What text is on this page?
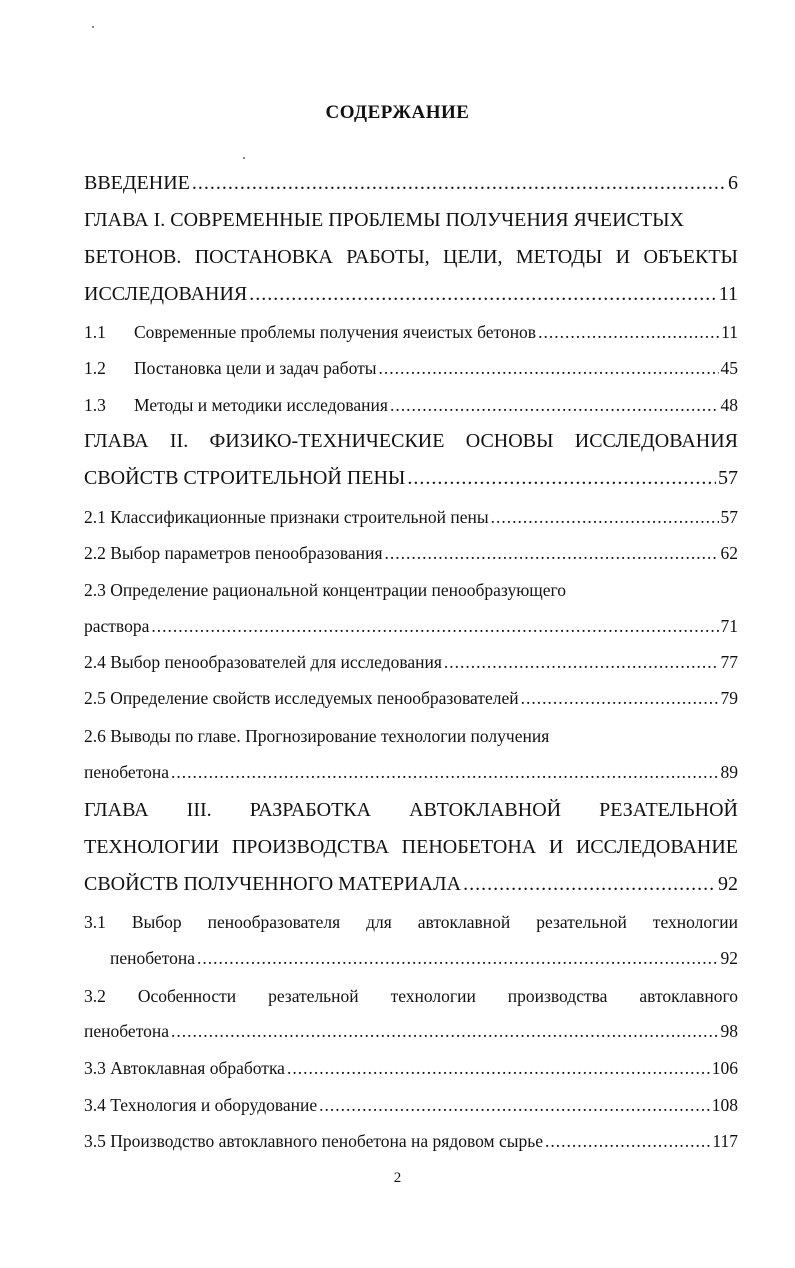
СОДЕРЖАНИЕ
ВВЕДЕНИЕ .....	6
ГЛАВА I. СОВРЕМЕННЫЕ ПРОБЛЕМЫ ПОЛУЧЕНИЯ ЯЧЕИСТЫХ
БЕТОНОВ. ПОСТАНОВКА РАБОТЫ, ЦЕЛИ, МЕТОДЫ И ОБЪЕКТЫ
ИССЛЕДОВАНИЯ .....	11
1.1	Современные проблемы получения ячеистых бетонов .....	11
1.2	Постановка цели и задач работы .....	45
1.3	Методы и методики исследования .....	48
ГЛАВА II. ФИЗИКО-ТЕХНИЧЕСКИЕ ОСНОВЫ ИССЛЕДОВАНИЯ
СВОЙСТВ СТРОИТЕЛЬНОЙ ПЕНЫ .....	57
2.1 Классификационные признаки строительной пены .....	57
2.2 Выбор параметров пенообразования .....	62
2.3 Определение рациональной концентрации пенообразующего
раствора .....	71
2.4 Выбор пенообразователей для исследования .....	77
2.5 Определение свойств исследуемых пенообразователей .....	79
2.6 Выводы по главе. Прогнозирование технологии получения
пенобетона .....	89
ГЛАВА III. РАЗРАБОТКА АВТОКЛАВНОЙ РЕЗАТЕЛЬНОЙ
ТЕХНОЛОГИИ ПРОИЗВОДСТВА ПЕНОБЕТОНА И ИССЛЕДОВАНИЕ
СВОЙСТВ ПОЛУЧЕННОГО МАТЕРИАЛА .....	92
3.1 Выбор пенообразователя для автоклавной резательной технологии
пенобетона .....	92
3.2 Особенности резательной технологии производства автоклавного
пенобетона .....	98
3.3 Автоклавная обработка .....	106
3.4 Технология и оборудование .....	108
3.5 Производство автоклавного пенобетона на рядовом сырье .....	117
2
